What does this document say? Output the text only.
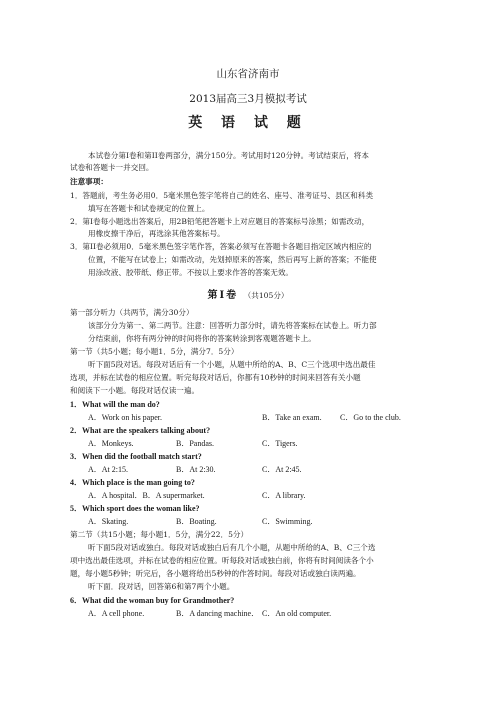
山东省济南市
2013届高三3月模拟考试
英 语 试 题
本试卷分第I卷和第II卷两部分，满分150分。考试用时120分钟。考试结束后，将本
试卷和答题卡一并交回。
注意事项：
1．答题前，考生务必用0．5毫米黑色签字笔将自己的姓名、座号、准考证号、县区和科类
填写在答题卡和试卷规定的位置上。
2．第I卷每小题选出答案后，用2B铅笔把答题卡上对应题目的答案标号涂黑；如需改动，
用橡皮擦干净后，再选涂其他答案标号。
3．第II卷必须用0．5毫米黑色签字笔作答，答案必须写在答题卡各题目指定区域内相应的
位置，不能写在试卷上；如需改动，先划掉原来的答案，然后再写上新的答案；不能使
用涂改液、胶带纸、修正带。不按以上要求作答的答案无效。
第Ⅰ卷 （共105分）
第一部分听力（共两节，满分30分）
该部分分为第一、第二两节。注意：回答听力部分时，请先将答案标在试卷上。听力部
分结束前，你将有两分钟的时间将你的答案转涂到客观题答题卡上。
第一节（共5小题；每小题1．5分，满分7．5分）
听下面5段对话。每段对话后有一个小题，从题中所给的A、B、C三个选项中选出最佳
选项，并标在试卷的相应位置。听完每段对话后，你都有10秒钟的时间来回答有关小题
和阅读下一小题。每段对话仅读一遍。
1．What will the man do?
A．Work on his paper.	B．Take an exam. C．Go to the club.
2．What are the speakers talking about?
A．Monkeys.	B．Pandas.	C．Tigers.
3．When did the football match start?
A．At 2:15.	B．At 2:30.	C．At 2:45.
4．Which place is the man going to?
A．A hospital．B．A supermarket.	C．A library.
5．Which sport does the woman like?
A．Skating.	B．Boating.	C．Swimming.
第二节（共15小题；每小题1．5分，满分22．5分）
听下面5段对话或独白。每段对话或独白后有几个小题，从题中所给的A、B、C三个选
项中选出最佳选项，并标在试卷的相应位置。听每段对话或独白前，你将有时间阅读各个小
题，每小题5秒钟；听完后，各小题将给出5秒钟的作答时间。每段对话或独白读两遍。
听下面．段对话，回答第6和第7两个小题。
6．What did the woman buy for Grandmother?
A．A cell phone.	B．A dancing machine． C．An old computer.
